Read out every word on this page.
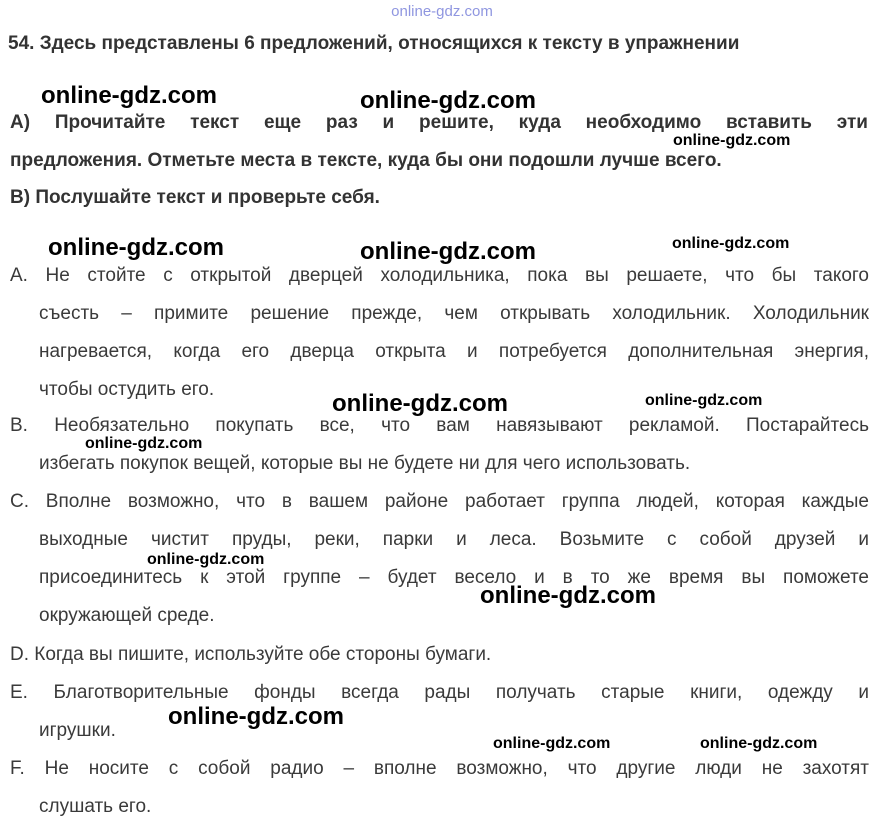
online-gdz.com
54. Здесь представлены 6 предложений, относящихся к тексту в упражнении
A) Прочитайте текст еще раз и решите, куда необходимо вставить эти
предложения. Отметьте места в тексте, куда бы они подошли лучше всего.
B) Послушайте текст и проверьте себя.
A. Не стойте с открытой дверцей холодильника, пока вы решаете, что бы такого
съесть – примите решение прежде, чем открывать холодильник. Холодильник
нагревается, когда его дверца открыта и потребуется дополнительная энергия,
чтобы остудить его.
B. Необязательно покупать все, что вам навязывают рекламой. Постарайтесь
избегать покупок вещей, которые вы не будете ни для чего использовать.
C. Вполне возможно, что в вашем районе работает группа людей, которая каждые
выходные чистит пруды, реки, парки и леса. Возьмите с собой друзей и
присоединитесь к этой группе – будет весело и в то же время вы поможете
окружающей среде.
D. Когда вы пишите, используйте обе стороны бумаги.
E. Благотворительные фонды всегда рады получать старые книги, одежду и
игрушки.
F. Не носите с собой радио – вполне возможно, что другие люди не захотят
слушать его.
online-gdz.com	online-gdz.com
online-gdz.com
online-gdz.com	online-gdz.com	online-gdz.com
online-gdz.com	online-gdz.com
online-gdz.com
online-gdz.com
online-gdz.com
online-gdz.com
online-gdz.com	online-gdz.com
